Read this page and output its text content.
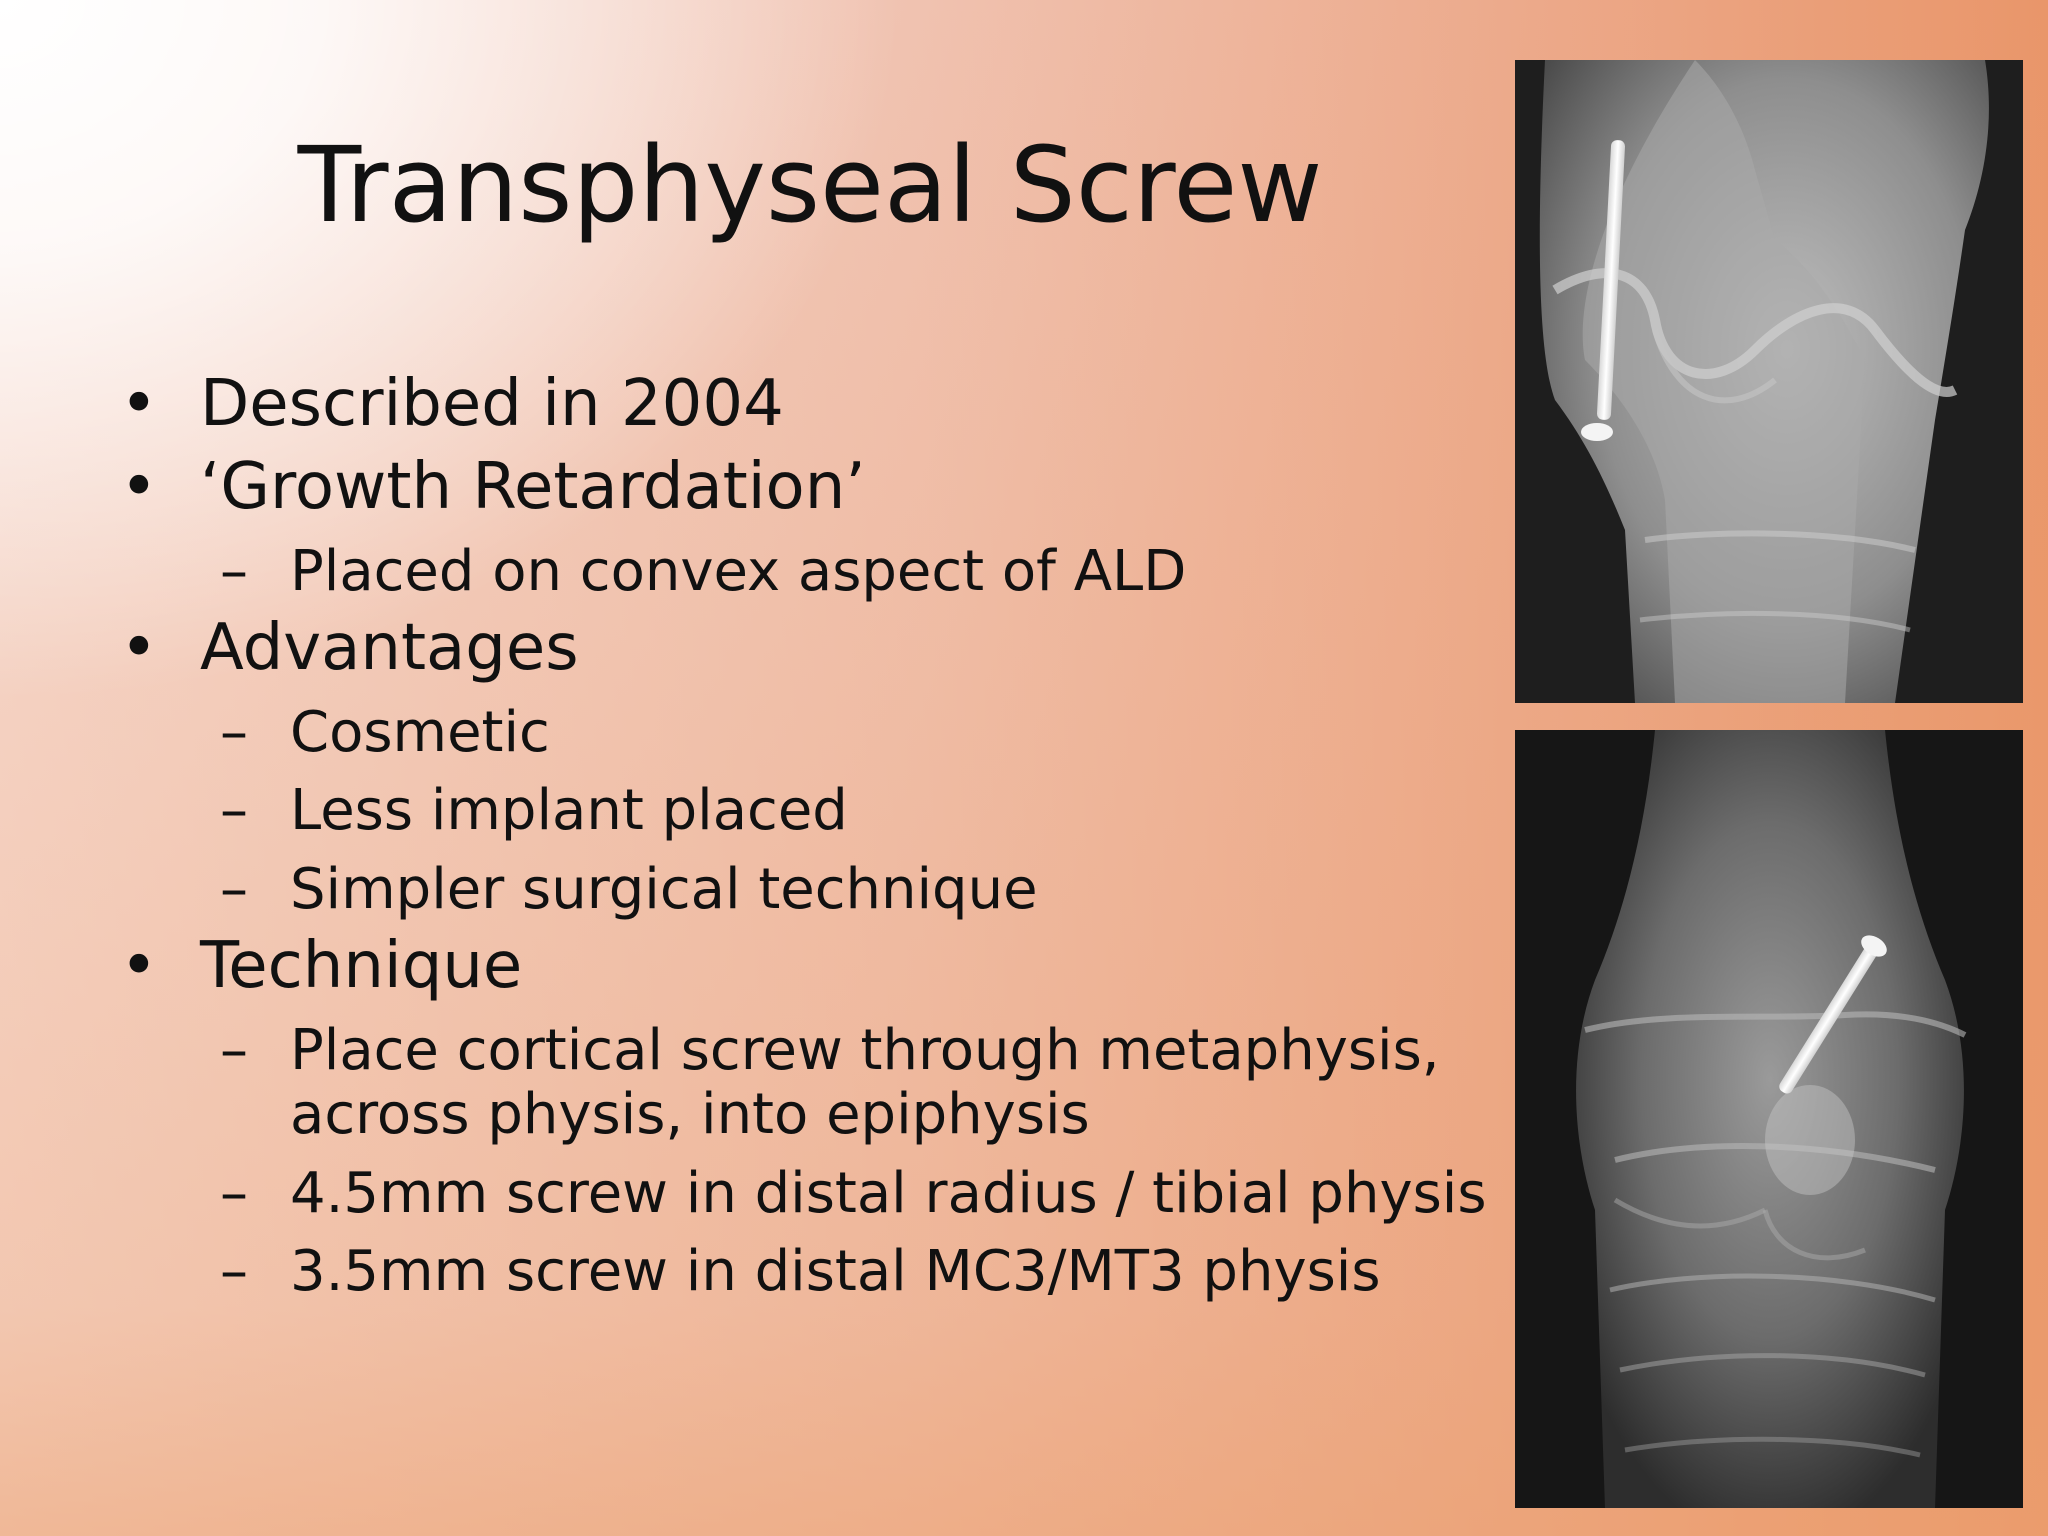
Transphyseal Screw
• Described in 2004
• ‘Growth Retardation’
– Placed on convex aspect of ALD
• Advantages
– Cosmetic
– Less implant placed
– Simpler surgical technique
• Technique
– Place cortical screw through metaphysis, across physis, into epiphysis
– 4.5mm screw in distal radius / tibial physis
– 3.5mm screw in distal MC3/MT3 physis
